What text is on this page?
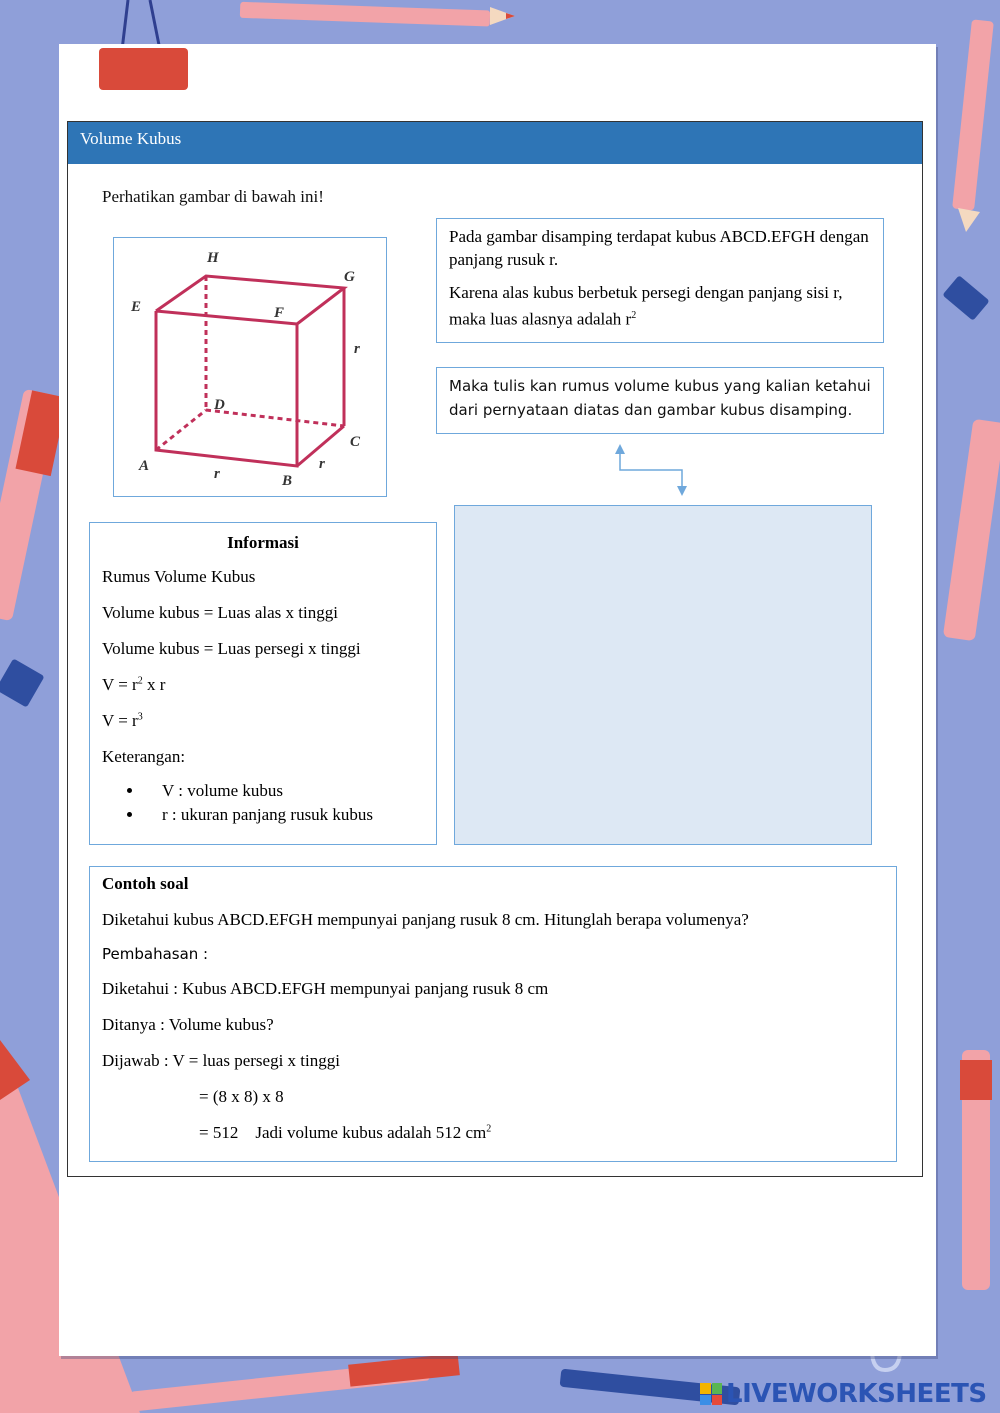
Volume Kubus
Perhatikan gambar di bawah ini!
H
G
E	F
D
C
A
B
r
r
r

Pada gambar disamping terdapat kubus ABCD.EFGH dengan panjang rusuk r.

Karena alas kubus berbetuk persegi dengan panjang sisi r, maka luas alasnya adalah $r^2$

Maka tulis kan rumus volume kubus yang kalian ketahui dari pernyataan diatas dan gambar kubus disamping.
Informasi
Rumus Volume Kubus
Volume kubus = Luas alas x tinggi
Volume kubus = Luas persegi x tinggi
$V = r^2$ x r
$V = r^3$
Keterangan:
• V : volume kubus
• r : ukuran panjang rusuk kubus
Contoh soal
Diketahui kubus ABCD.EFGH mempunyai panjang rusuk 8 cm. Hitunglah berapa volumenya?
Pembahasan :
Diketahui : Kubus ABCD.EFGH mempunyai panjang rusuk 8 cm
Ditanya : Volume kubus?
Dijawab : V = luas persegi x tinggi
= (8 x 8) x 8
= 512    Jadi volume kubus adalah 512 $cm^2$
LIVEWORKSHEETS
